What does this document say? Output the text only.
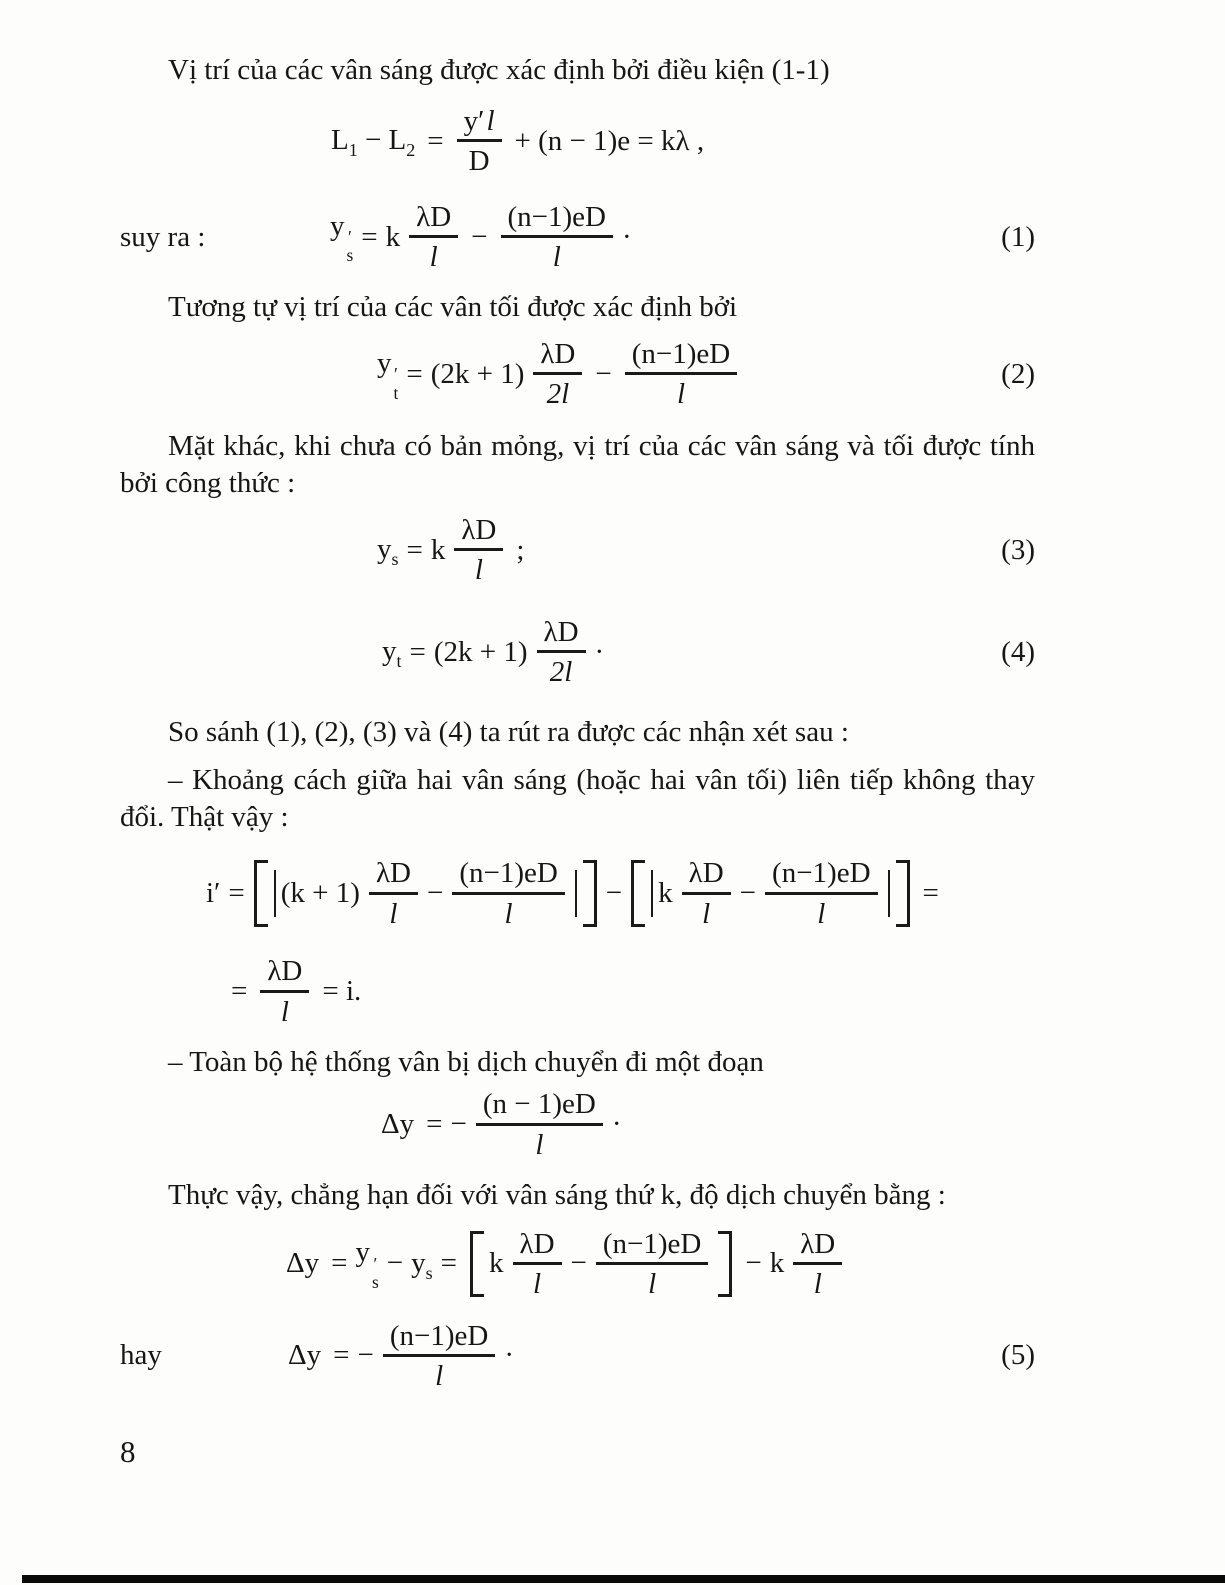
Vị trí của các vân sáng được xác định bởi điều kiện (1-1)

$L_1 - L_2 = \frac{y' l}{D} + (n - 1)e = k\lambda$ ,
suy ra :	y ′
s
= k $\frac{\lambda D}{l} - \frac{(n-1)eD}{l}$ ·	(1)

Tương tự vị trí của các vân tối được xác định bởi

y ′
t
= $(2k + 1) \frac{\lambda D}{2l} - \frac{(n-1)eD}{l}$	(2)

Mặt khác, khi chưa có bản mỏng, vị trí của các vân sáng và tối được tính bởi công thức :

$y_s = k \frac{\lambda D}{l}$ ;	(3)
$y_t = (2k + 1) \frac{\lambda D}{2l}$ ·	(4)

So sánh (1), (2), (3) và (4) ta rút ra được các nhận xét sau :

– Khoảng cách giữa hai vân sáng (hoặc hai vân tối) liên tiếp không thay đổi. Thật vậy :

$i' = (k + 1) \frac{\lambda D}{l} - \frac{(n-1)eD}{l} - k \frac{\lambda D}{l} - \frac{(n-1)eD}{l}$ =
= $\frac{\lambda D}{l} = i$.

– Toàn bộ hệ thống vân bị dịch chuyển đi một đoạn

Δy = − $\frac{(n - 1)eD}{l}$ ·

Thực vậy, chẳng hạn đối với vân sáng thứ k, độ dịch chuyển bằng :

Δy = y ′
s
− $y_s = k \frac{\lambda D}{l} - \frac{(n-1)eD}{l} - k \frac{\lambda D}{l}$
hay	Δy = − $\frac{(n-1)eD}{l}$ ·	(5)
8
